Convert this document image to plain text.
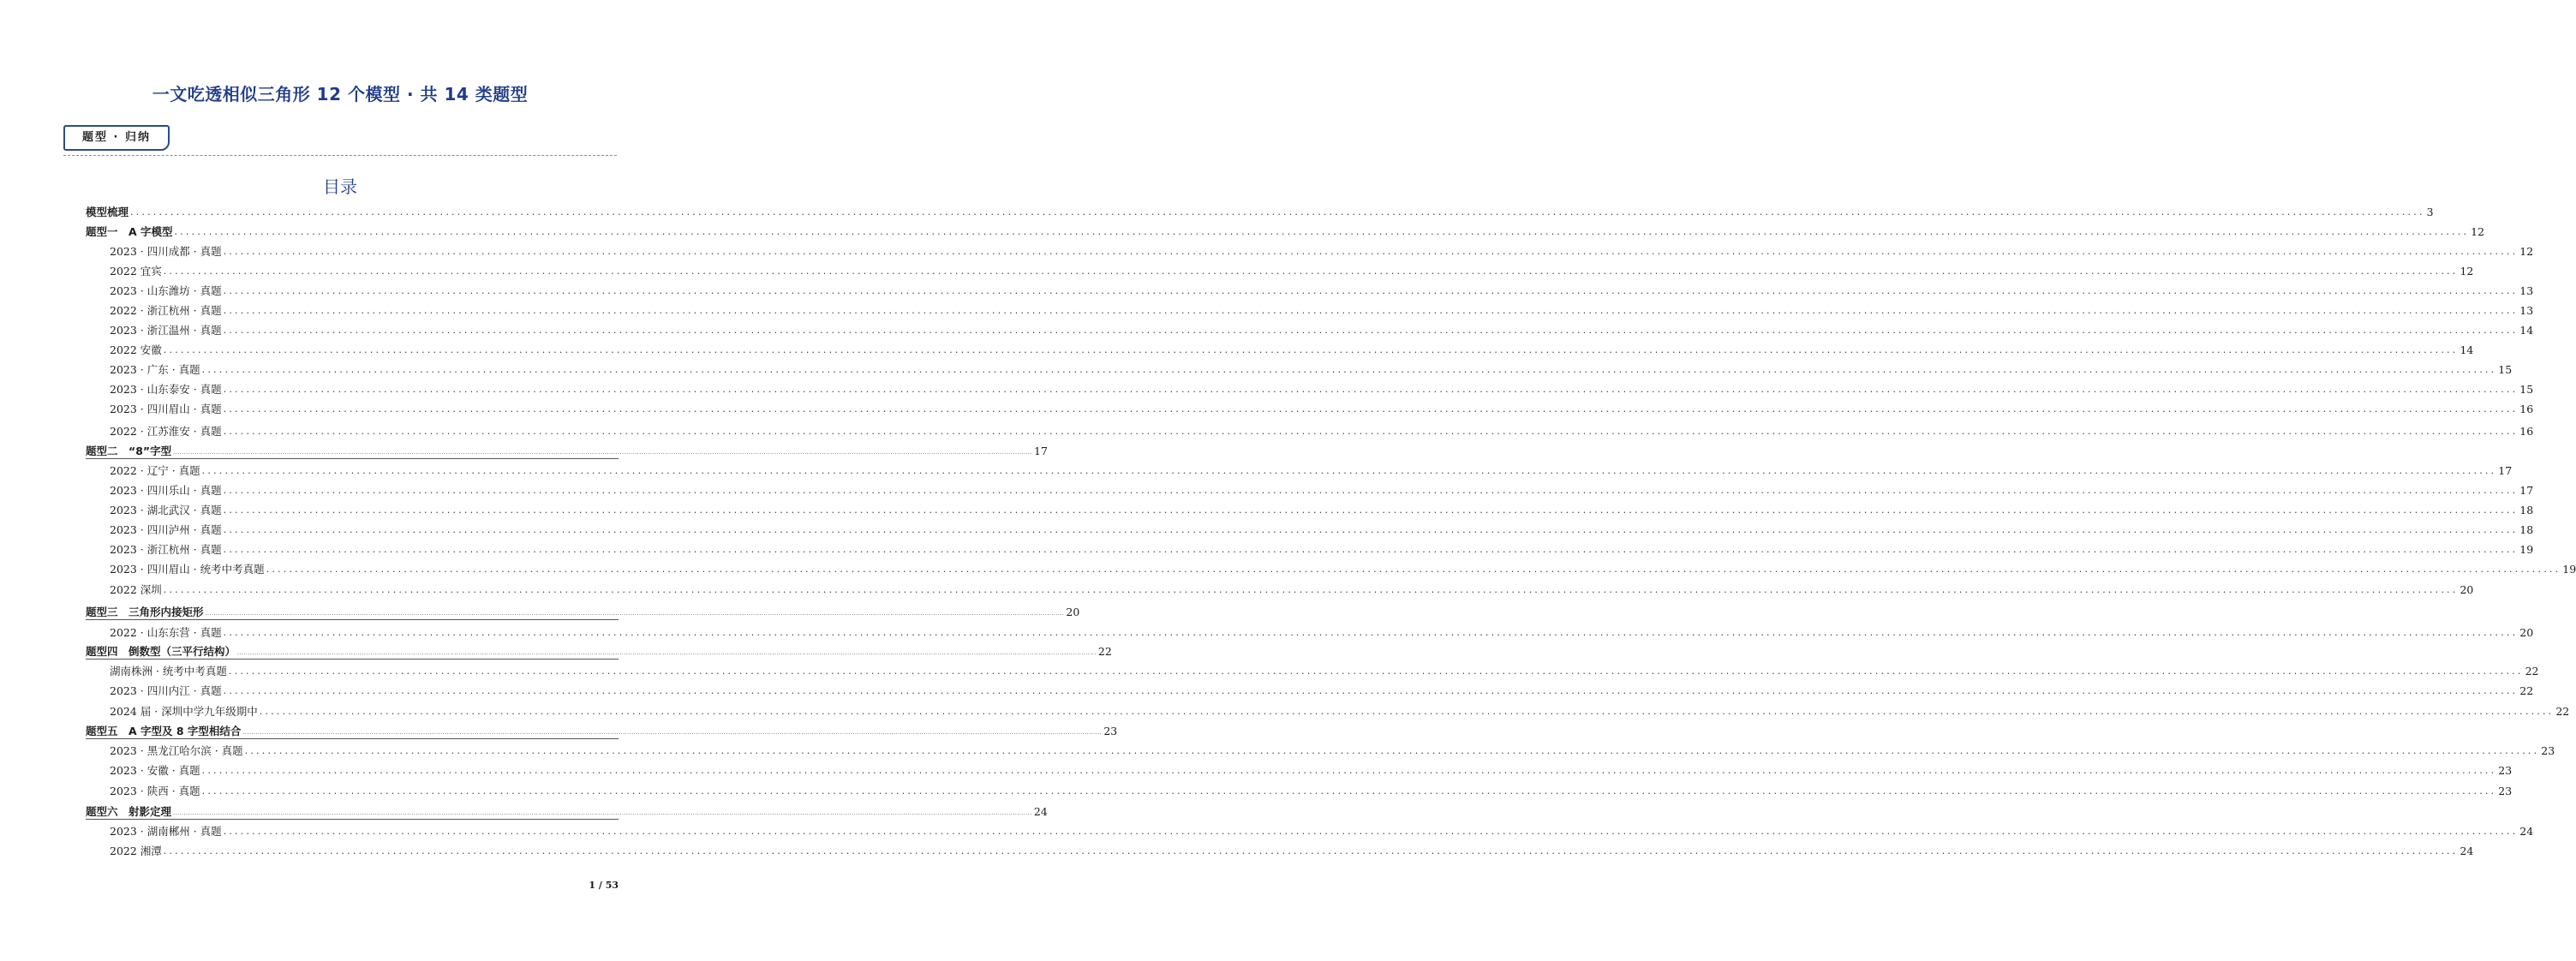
一文吃透相似三角形 12 个模型 · 共 14 类题型
题型 · 归纳
目录
模型梳理 ................................................................................................................................................................................................................................................................................................................................................................................................................ 3
题型一　A 字模型 ................................................................................................................................................................................................................................................................................................................................................................................................................ 12
2023 · 四川成都 · 真题 ................................................................................................................................................................................................................................................................................................................................................................................................................ 12
2022 宜宾 ................................................................................................................................................................................................................................................................................................................................................................................................................ 12
2023 · 山东潍坊 · 真题 ................................................................................................................................................................................................................................................................................................................................................................................................................ 13
2022 · 浙江杭州 · 真题 ................................................................................................................................................................................................................................................................................................................................................................................................................ 13
2023 · 浙江温州 · 真题 ................................................................................................................................................................................................................................................................................................................................................................................................................ 14
2022 安徽 ................................................................................................................................................................................................................................................................................................................................................................................................................ 14
2023 · 广东 · 真题 ................................................................................................................................................................................................................................................................................................................................................................................................................ 15
2023 · 山东泰安 · 真题 ................................................................................................................................................................................................................................................................................................................................................................................................................ 15
2023 · 四川眉山 · 真题 ................................................................................................................................................................................................................................................................................................................................................................................................................ 16
2022 · 江苏淮安 · 真题 ................................................................................................................................................................................................................................................................................................................................................................................................................ 16
题型二　“8”字型 ................................................................................................................................................................................................................................................................................................................................................................................................................ 17
2022 · 辽宁 · 真题 ................................................................................................................................................................................................................................................................................................................................................................................................................ 17
2023 · 四川乐山 · 真题 ................................................................................................................................................................................................................................................................................................................................................................................................................ 17
2023 · 湖北武汉 · 真题 ................................................................................................................................................................................................................................................................................................................................................................................................................ 18
2023 · 四川泸州 · 真题 ................................................................................................................................................................................................................................................................................................................................................................................................................ 18
2023 · 浙江杭州 · 真题 ................................................................................................................................................................................................................................................................................................................................................................................................................ 19
2023 · 四川眉山 · 统考中考真题 ................................................................................................................................................................................................................................................................................................................................................................................................................ 19
2022 深圳 ................................................................................................................................................................................................................................................................................................................................................................................................................ 20
题型三　三角形内接矩形 ................................................................................................................................................................................................................................................................................................................................................................................................................ 20
2022 · 山东东营 · 真题 ................................................................................................................................................................................................................................................................................................................................................................................................................ 20
题型四　倒数型（三平行结构） ................................................................................................................................................................................................................................................................................................................................................................................................................ 22
湖南株洲 · 统考中考真题 ................................................................................................................................................................................................................................................................................................................................................................................................................ 22
2023 · 四川内江 · 真题 ................................................................................................................................................................................................................................................................................................................................................................................................................ 22
2024 届 · 深圳中学九年级期中 ................................................................................................................................................................................................................................................................................................................................................................................................................ 22
题型五　A 字型及 8 字型相结合 ................................................................................................................................................................................................................................................................................................................................................................................................................ 23
2023 · 黑龙江哈尔滨 · 真题 ................................................................................................................................................................................................................................................................................................................................................................................................................ 23
2023 · 安徽 · 真题 ................................................................................................................................................................................................................................................................................................................................................................................................................ 23
2023 · 陕西 · 真题 ................................................................................................................................................................................................................................................................................................................................................................................................................ 23
题型六　射影定理 ................................................................................................................................................................................................................................................................................................................................................................................................................ 24
2023 · 湖南郴州 · 真题 ................................................................................................................................................................................................................................................................................................................................................................................................................ 24
2022 湘潭 ................................................................................................................................................................................................................................................................................................................................................................................................................ 24
1 / 53
